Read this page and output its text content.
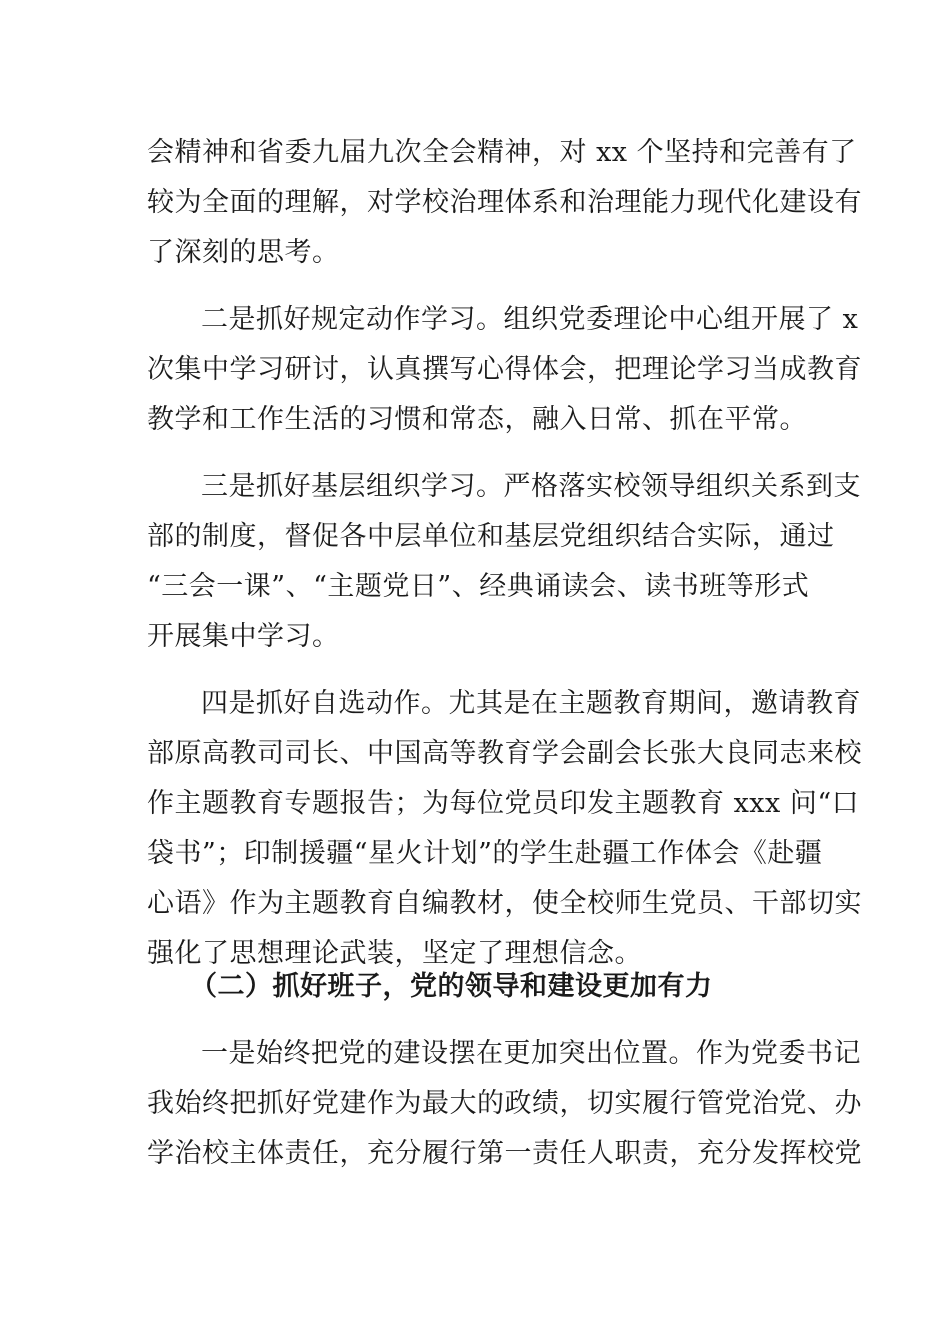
会精神和省委九届九次全会精神，对 xx 个坚持和完善有了
较为全面的理解，对学校治理体系和治理能力现代化建设有
了深刻的思考。
二是抓好规定动作学习。组织党委理论中心组开展了 x
次集中学习研讨，认真撰写心得体会，把理论学习当成教育
教学和工作生活的习惯和常态，融入日常、抓在平常。
三是抓好基层组织学习。严格落实校领导组织关系到支
部的制度，督促各中层单位和基层党组织结合实际，通过
“三会一课”、“主题党日”、经典诵读会、读书班等形式
开展集中学习。
四是抓好自选动作。尤其是在主题教育期间，邀请教育
部原高教司司长、中国高等教育学会副会长张大良同志来校
作主题教育专题报告；为每位党员印发主题教育 xxx 问“口
袋书”；印制援疆“星火计划”的学生赴疆工作体会《赴疆
心语》作为主题教育自编教材，使全校师生党员、干部切实
强化了思想理论武装，坚定了理想信念。
（二）抓好班子，党的领导和建设更加有力
一是始终把党的建设摆在更加突出位置。作为党委书记
我始终把抓好党建作为最大的政绩，切实履行管党治党、办
学治校主体责任，充分履行第一责任人职责，充分发挥校党
